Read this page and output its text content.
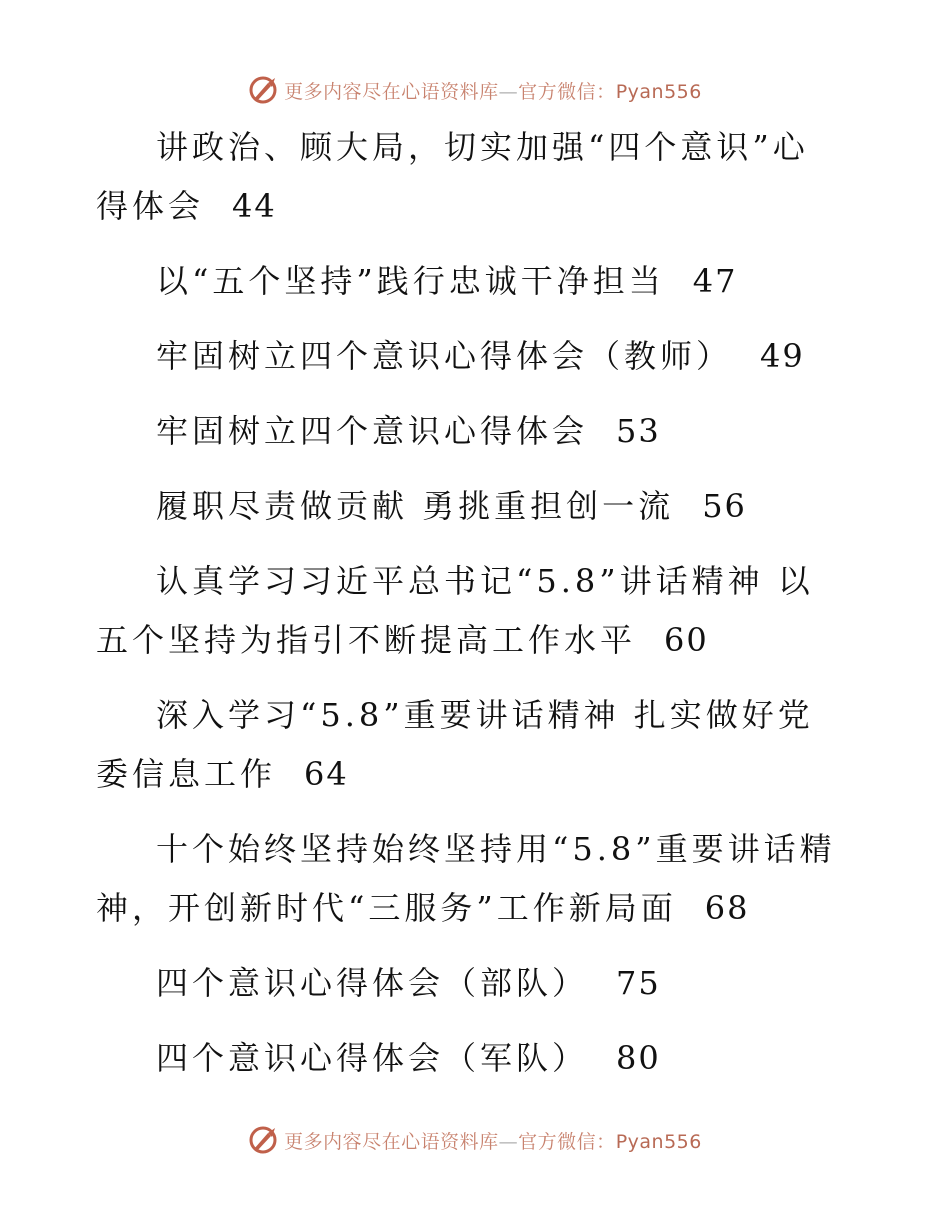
更多内容尽在心语资料库—官方微信：Pyan556

讲政治、顾大局，切实加强“四个意识”心得体会 44

以“五个坚持”践行忠诚干净担当 47

牢固树立四个意识心得体会（教师） 49

牢固树立四个意识心得体会 53

履职尽责做贡献 勇挑重担创一流 56

认真学习习近平总书记“5.8”讲话精神 以五个坚持为指引不断提高工作水平 60

深入学习“5.8”重要讲话精神 扎实做好党委信息工作 64

十个始终坚持始终坚持用“5.8”重要讲话精神，开创新时代“三服务”工作新局面 68

四个意识心得体会（部队） 75

四个意识心得体会（军队） 80

更多内容尽在心语资料库—官方微信：Pyan556
